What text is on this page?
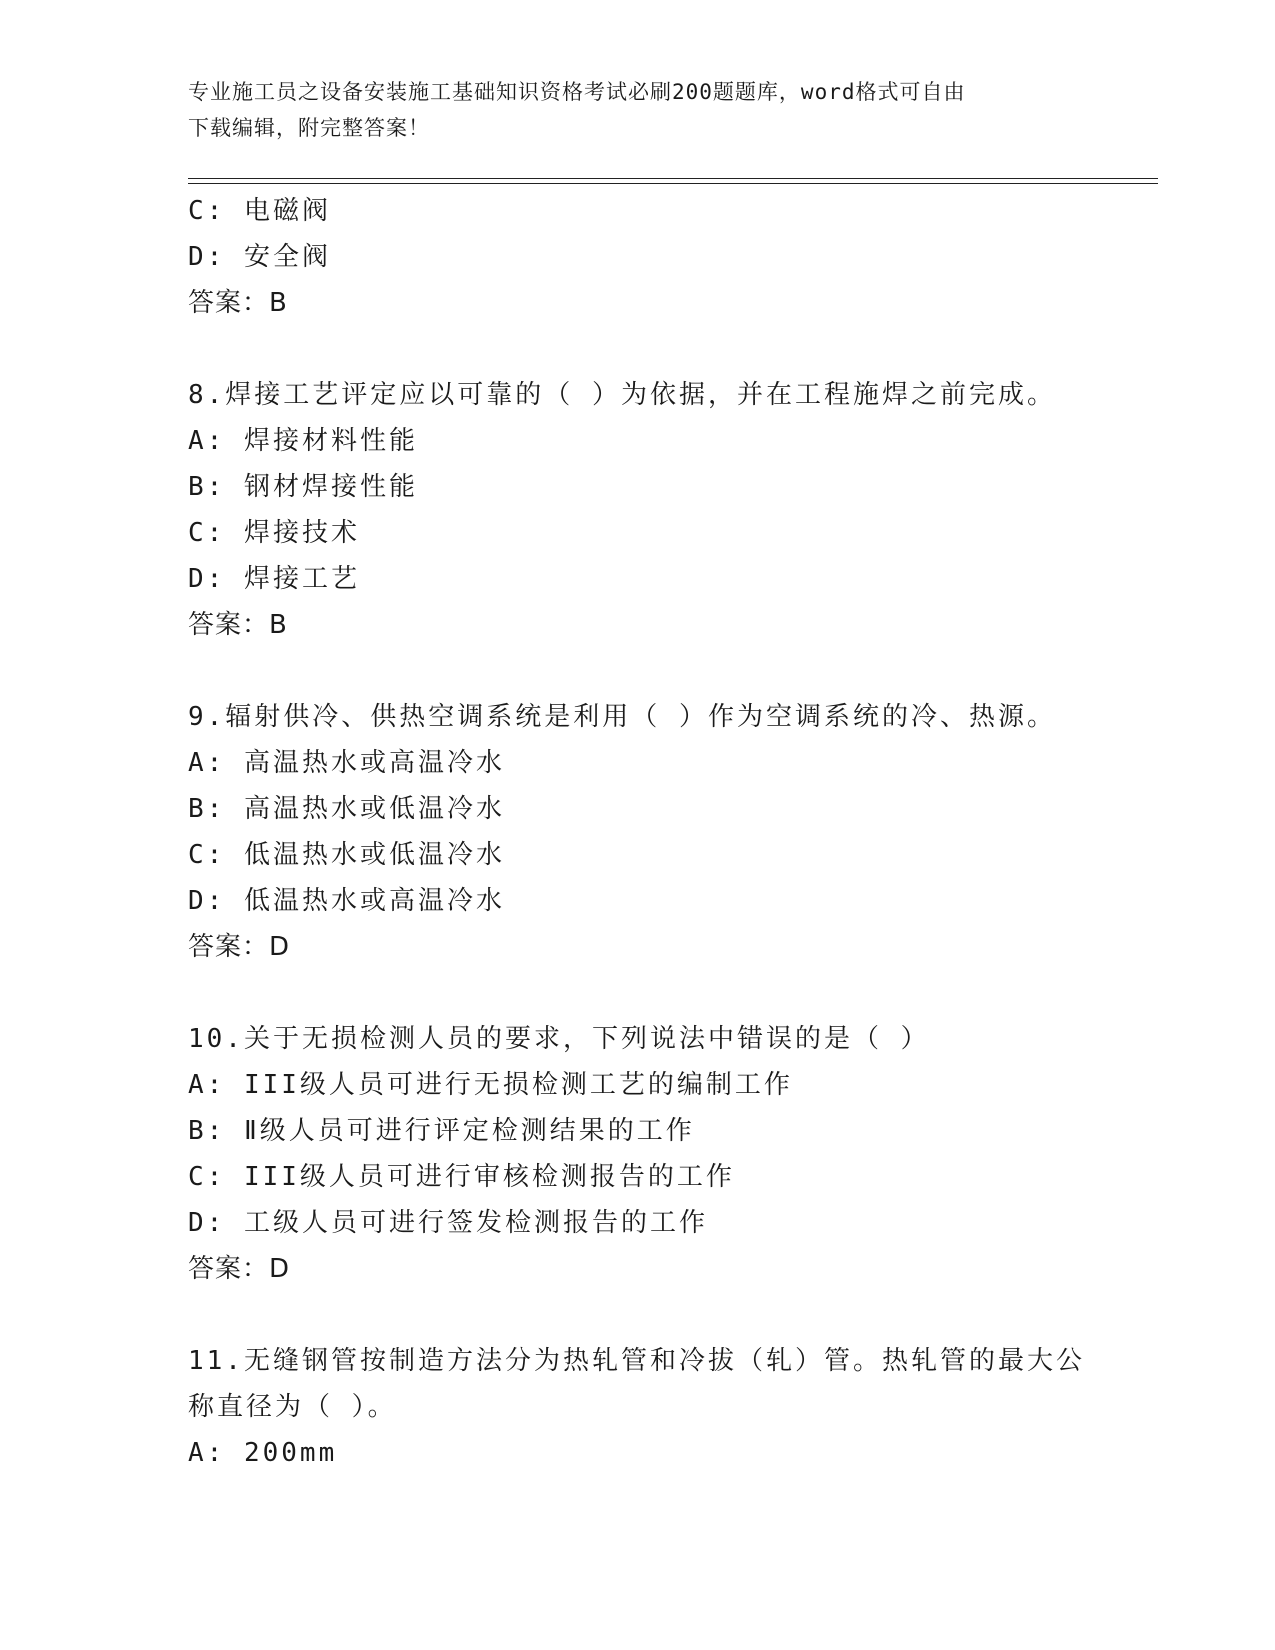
专业施工员之设备安装施工基础知识资格考试必刷200题题库，word格式可自由
下载编辑，附完整答案！
C: 电磁阀
D: 安全阀
答案：B
8.焊接工艺评定应以可靠的（ ）为依据，并在工程施焊之前完成。
A: 焊接材料性能
B: 钢材焊接性能
C: 焊接技术
D: 焊接工艺
答案：B
9.辐射供冷、供热空调系统是利用（ ）作为空调系统的冷、热源。
A: 高温热水或高温冷水
B: 高温热水或低温冷水
C: 低温热水或低温冷水
D: 低温热水或高温冷水
答案：D
10.关于无损检测人员的要求，下列说法中错误的是（ ）
A: III级人员可进行无损检测工艺的编制工作
B: Ⅱ级人员可进行评定检测结果的工作
C: III级人员可进行审核检测报告的工作
D: 工级人员可进行签发检测报告的工作
答案：D
11.无缝钢管按制造方法分为热轧管和冷拔（轧）管。热轧管的最大公
称直径为（ ）。
A: 200mm
